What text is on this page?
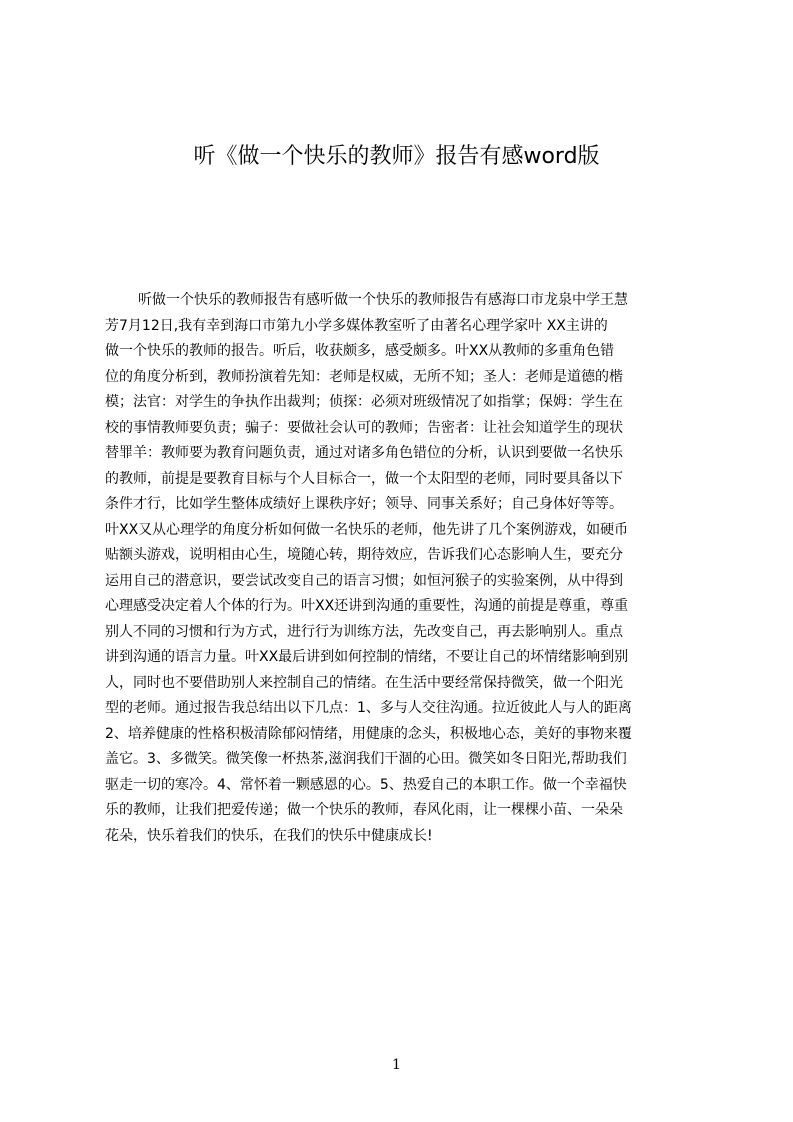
听《做一个快乐的教师》报告有感word版
听做一个快乐的教师报告有感听做一个快乐的教师报告有感海口市龙泉中学王慧
芳7月12日,我有幸到海口市第九小学多媒体教室听了由著名心理学家叶 XX主讲的
做一个快乐的教师的报告。听后，收获颇多，感受颇多。叶XX从教师的多重角色错
位的角度分析到，教师扮演着先知：老师是权威，无所不知；圣人：老师是道德的楷
模；法官：对学生的争执作出裁判；侦探：必须对班级情况了如指掌；保姆：学生在
校的事情教师要负责；骗子：要做社会认可的教师；告密者：让社会知道学生的现状
替罪羊：教师要为教育问题负责，通过对诸多角色错位的分析，认识到要做一名快乐
的教师，前提是要教育目标与个人目标合一，做一个太阳型的老师，同时要具备以下
条件才行，比如学生整体成绩好上课秩序好；领导、同事关系好；自己身体好等等。
叶XX又从心理学的角度分析如何做一名快乐的老师，他先讲了几个案例游戏，如硬币
贴额头游戏，说明相由心生，境随心转，期待效应，告诉我们心态影响人生，要充分
运用自己的潜意识，要尝试改变自己的语言习惯；如恒河猴子的实验案例，从中得到
心理感受决定着人个体的行为。叶XX还讲到沟通的重要性，沟通的前提是尊重，尊重
别人不同的习惯和行为方式，进行行为训练方法，先改变自己，再去影响别人。重点
讲到沟通的语言力量。叶XX最后讲到如何控制的情绪，不要让自己的坏情绪影响到别
人，同时也不要借助别人来控制自己的情绪。在生活中要经常保持微笑，做一个阳光
型的老师。通过报告我总结出以下几点：1、多与人交往沟通。拉近彼此人与人的距离
2、培养健康的性格积极清除郁闷情绪，用健康的念头，积极地心态，美好的事物来覆
盖它。3、多微笑。微笑像一杯热茶,滋润我们干涸的心田。微笑如冬日阳光,帮助我们
驱走一切的寒冷。4、常怀着一颗感恩的心。5、热爱自己的本职工作。做一个幸福快
乐的教师，让我们把爱传递；做一个快乐的教师，春风化雨，让一棵棵小苗、一朵朵
花朵，快乐着我们的快乐，在我们的快乐中健康成长!
1
